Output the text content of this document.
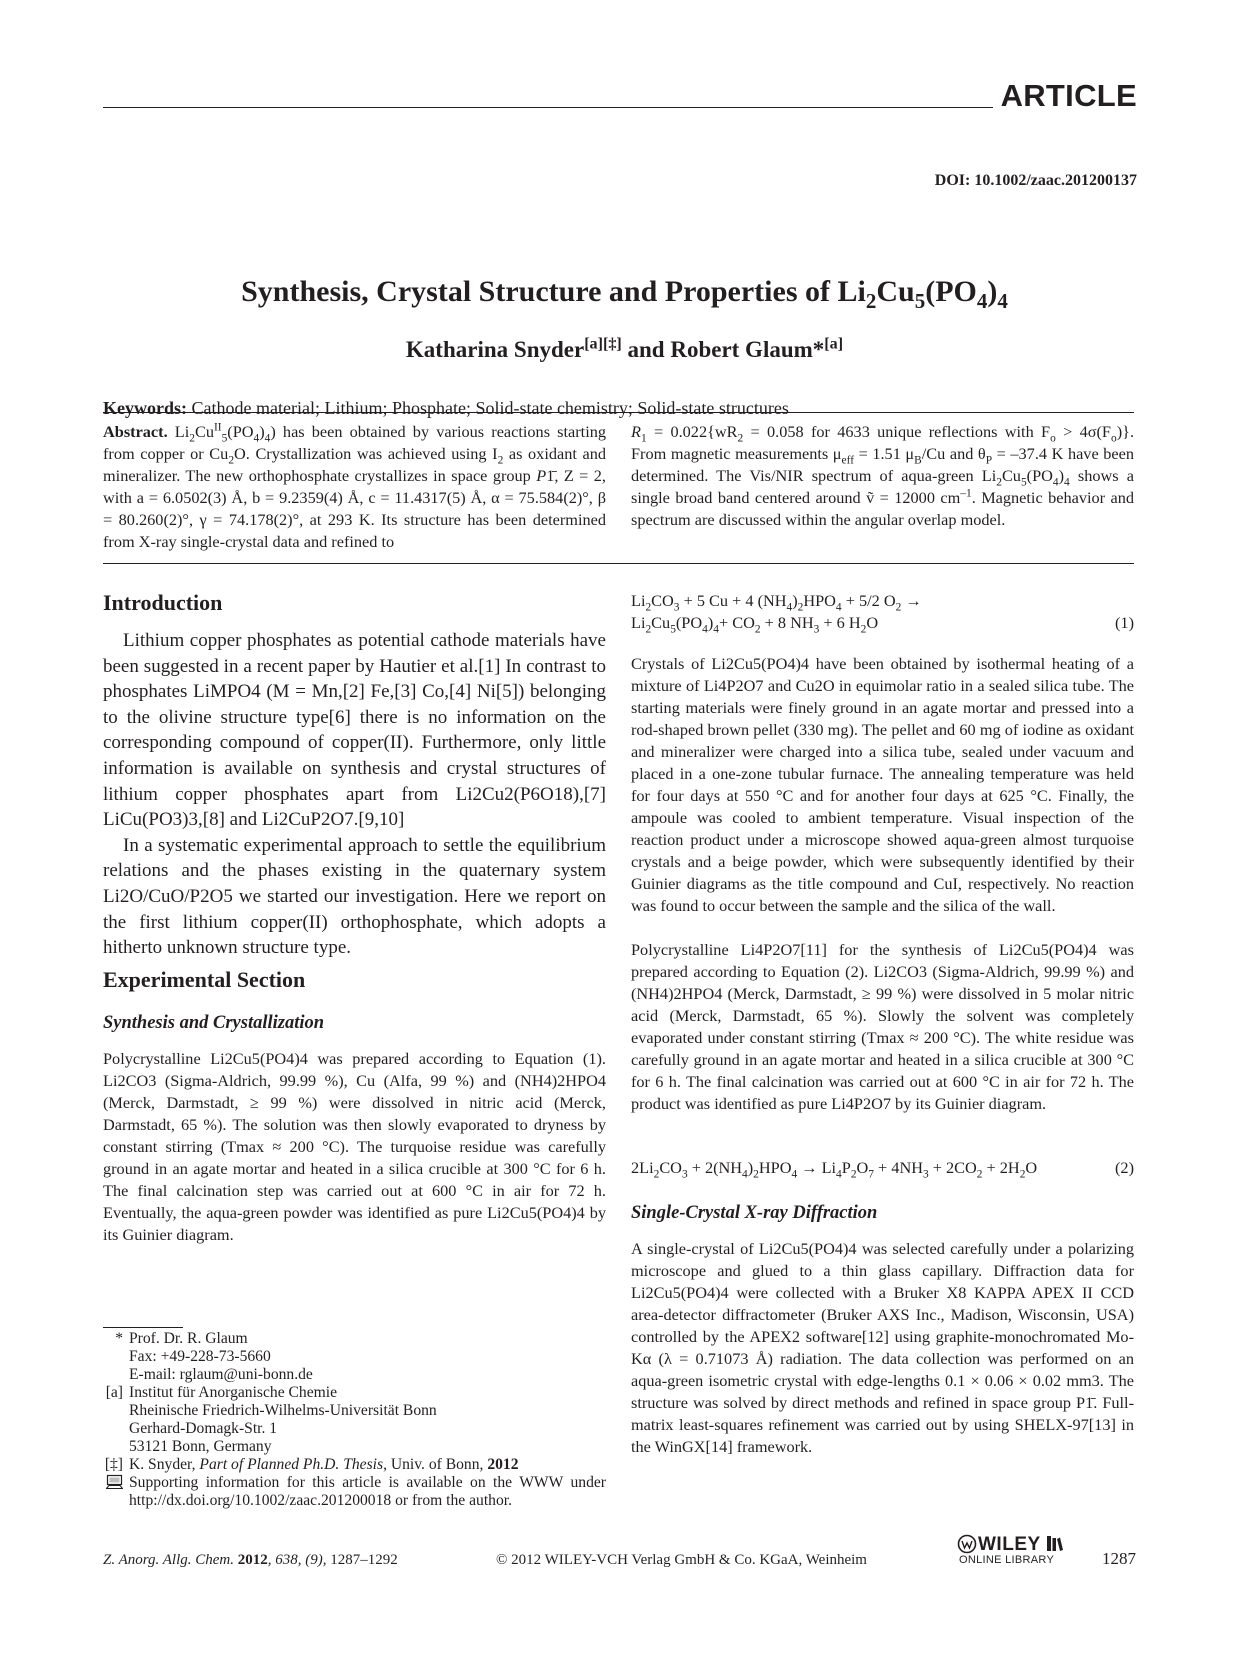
ARTICLE
DOI: 10.1002/zaac.201200137
Synthesis, Crystal Structure and Properties of $Li_2Cu_5(PO_4)_4$
Katharina Snyder[a][‡] and Robert Glaum*[a]
Keywords: Cathode material; Lithium; Phosphate; Solid-state chemistry; Solid-state structures

Abstract. $Li_2Cu^{II}_5(PO_4)_4$) has been obtained by various reactions starting from copper or $Cu_2O$. Crystallization was achieved using $I_2$ as oxidant and mineralizer. The new orthophosphate crystallizes in space group P1̄, Z = 2, with a = 6.0502(3) Å, b = 9.2359(4) Å, c = 11.4317(5) Å, α = 75.584(2)°, β = 80.260(2)°, γ = 74.178(2)°, at 293 K. Its structure has been determined from X-ray single-crystal data and refined to

$R_1 = 0.022\{wR_2 = 0.058$ for 4633 unique reflections with $F_o > 4\sigma(F_o)$}. From magnetic measurements $\mu_{eff} = 1.51$ $\mu_B/Cu$ and $\theta_P = -37.4$ K have been determined. The Vis/NIR spectrum of aqua-green $Li_2Cu_5(PO_4)_4$ shows a single broad band centered around ṽ = 12000 $cm^{-1}$. Magnetic behavior and spectrum are discussed within the angular overlap model.

Introduction

Lithium copper phosphates as potential cathode materials have been suggested in a recent paper by Hautier et al.[1] In contrast to phosphates LiMPO4 (M = Mn,[2] Fe,[3] Co,[4] Ni[5]) belonging to the olivine structure type[6] there is no information on the corresponding compound of copper(II). Furthermore, only little information is available on synthesis and crystal structures of lithium copper phosphates apart from Li2Cu2(P6O18),[7] LiCu(PO3)3,[8] and Li2CuP2O7.[9,10]

In a systematic experimental approach to settle the equilibrium relations and the phases existing in the quaternary system Li2O/CuO/P2O5 we started our investigation. Here we report on the first lithium copper(II) orthophosphate, which adopts a hitherto unknown structure type.

Experimental Section
Synthesis and Crystallization

Polycrystalline Li2Cu5(PO4)4 was prepared according to Equation (1). Li2CO3 (Sigma-Aldrich, 99.99 %), Cu (Alfa, 99 %) and (NH4)2HPO4 (Merck, Darmstadt, ≥ 99 %) were dissolved in nitric acid (Merck, Darmstadt, 65 %). The solution was then slowly evaporated to dryness by constant stirring (Tmax ≈ 200 °C). The turquoise residue was carefully ground in an agate mortar and heated in a silica crucible at 300 °C for 6 h. The final calcination step was carried out at 600 °C in air for 72 h. Eventually, the aqua-green powder was identified as pure Li2Cu5(PO4)4 by its Guinier diagram.

* Prof. Dr. R. Glaum
Fax: +49-228-73-5660
E-mail: rglaum@uni-bonn.de
[a] Institut für Anorganische Chemie
Rheinische Friedrich-Wilhelms-Universität Bonn
Gerhard-Domagk-Str. 1
53121 Bonn, Germany
[‡] K. Snyder, Part of Planned Ph.D. Thesis, Univ. of Bonn, 2012
Supporting information for this article is available on the WWW under http://dx.doi.org/10.1002/zaac.201200018 or from the author.
$Li_2CO_3 + 5$ Cu + 4 $(NH_4)_2HPO_4 + 5/2$ $O_2$ →
$Li_2Cu_5(PO_4)_4+ CO_2 + 8$ $NH_3 + 6$ $H_2O$	(1)

Crystals of Li2Cu5(PO4)4 have been obtained by isothermal heating of a mixture of Li4P2O7 and Cu2O in equimolar ratio in a sealed silica tube. The starting materials were finely ground in an agate mortar and pressed into a rod-shaped brown pellet (330 mg). The pellet and 60 mg of iodine as oxidant and mineralizer were charged into a silica tube, sealed under vacuum and placed in a one-zone tubular furnace. The annealing temperature was held for four days at 550 °C and for another four days at 625 °C. Finally, the ampoule was cooled to ambient temperature. Visual inspection of the reaction product under a microscope showed aqua-green almost turquoise crystals and a beige powder, which were subsequently identified by their Guinier diagrams as the title compound and CuI, respectively. No reaction was found to occur between the sample and the silica of the wall.

Polycrystalline Li4P2O7[11] for the synthesis of Li2Cu5(PO4)4 was prepared according to Equation (2). Li2CO3 (Sigma-Aldrich, 99.99 %) and (NH4)2HPO4 (Merck, Darmstadt, ≥ 99 %) were dissolved in 5 molar nitric acid (Merck, Darmstadt, 65 %). Slowly the solvent was completely evaporated under constant stirring (Tmax ≈ 200 °C). The white residue was carefully ground in an agate mortar and heated in a silica crucible at 300 °C for 6 h. The final calcination was carried out at 600 °C in air for 72 h. The product was identified as pure Li4P2O7 by its Guinier diagram.

$2Li_2CO_3 + 2(NH_4)_2HPO_4 \to Li_4P_2O_7 + 4NH_3 + 2CO_2 + 2H_2O$	(2)
Single-Crystal X-ray Diffraction

A single-crystal of Li2Cu5(PO4)4 was selected carefully under a polarizing microscope and glued to a thin glass capillary. Diffraction data for Li2Cu5(PO4)4 were collected with a Bruker X8 KAPPA APEX II CCD area-detector diffractometer (Bruker AXS Inc., Madison, Wisconsin, USA) controlled by the APEX2 software[12] using graphite-monochromated Mo-Kα (λ = 0.71073 Å) radiation. The data collection was performed on an aqua-green isometric crystal with edge-lengths 0.1 × 0.06 × 0.02 mm3. The structure was solved by direct methods and refined in space group P1̄. Full-matrix least-squares refinement was carried out by using SHELX-97[13] in the WinGX[14] framework.

Z. Anorg. Allg. Chem. 2012, 638, (9), 1287–1292	© 2012 WILEY-VCH Verlag GmbH & Co. KGaA, Weinheim
WILEY
ONLINE LIBRARY	1287
